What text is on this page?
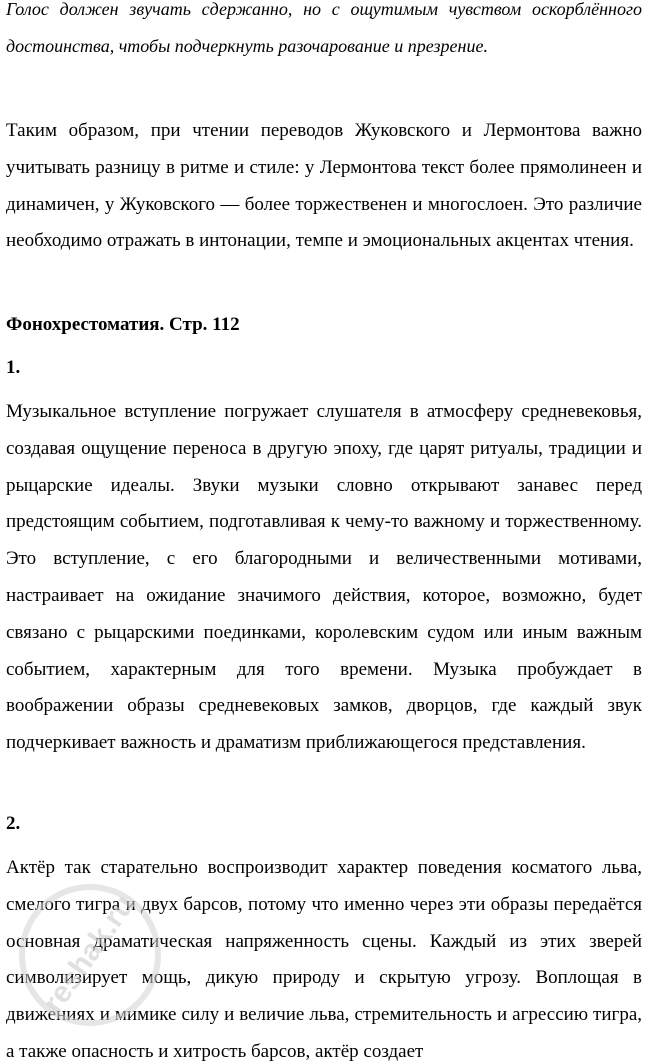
Голос должен звучать сдержанно, но с ощутимым чувством оскорблённого достоинства, чтобы подчеркнуть разочарование и презрение.

Таким образом, при чтении переводов Жуковского и Лермонтова важно учитывать разницу в ритме и стиле: у Лермонтова текст более прямолинеен и динамичен, у Жуковского — более торжественен и многослоен. Это различие необходимо отражать в интонации, темпе и эмоциональных акцентах чтения.

Фонохрестоматия. Стр. 112
1.

Музыкальное вступление погружает слушателя в атмосферу средневековья, создавая ощущение переноса в другую эпоху, где царят ритуалы, традиции и рыцарские идеалы. Звуки музыки словно открывают занавес перед предстоящим событием, подготавливая к чему-то важному и торжественному. Это вступление, с его благородными и величественными мотивами, настраивает на ожидание значимого действия, которое, возможно, будет связано с рыцарскими поединками, королевским судом или иным важным событием, характерным для того времени. Музыка пробуждает в воображении образы средневековых замков, дворцов, где каждый звук подчеркивает важность и драматизм приближающегося представления.

2.

Актёр так старательно воспроизводит характер поведения косматого льва, смелого тигра и двух барсов, потому что именно через эти образы передаётся основная драматическая напряженность сцены. Каждый из этих зверей символизирует мощь, дикую природу и скрытую угрозу. Воплощая в движениях и мимике силу и величие льва, стремительность и агрессию тигра, а также опасность и хитрость барсов, актёр создает

reshak.ru
